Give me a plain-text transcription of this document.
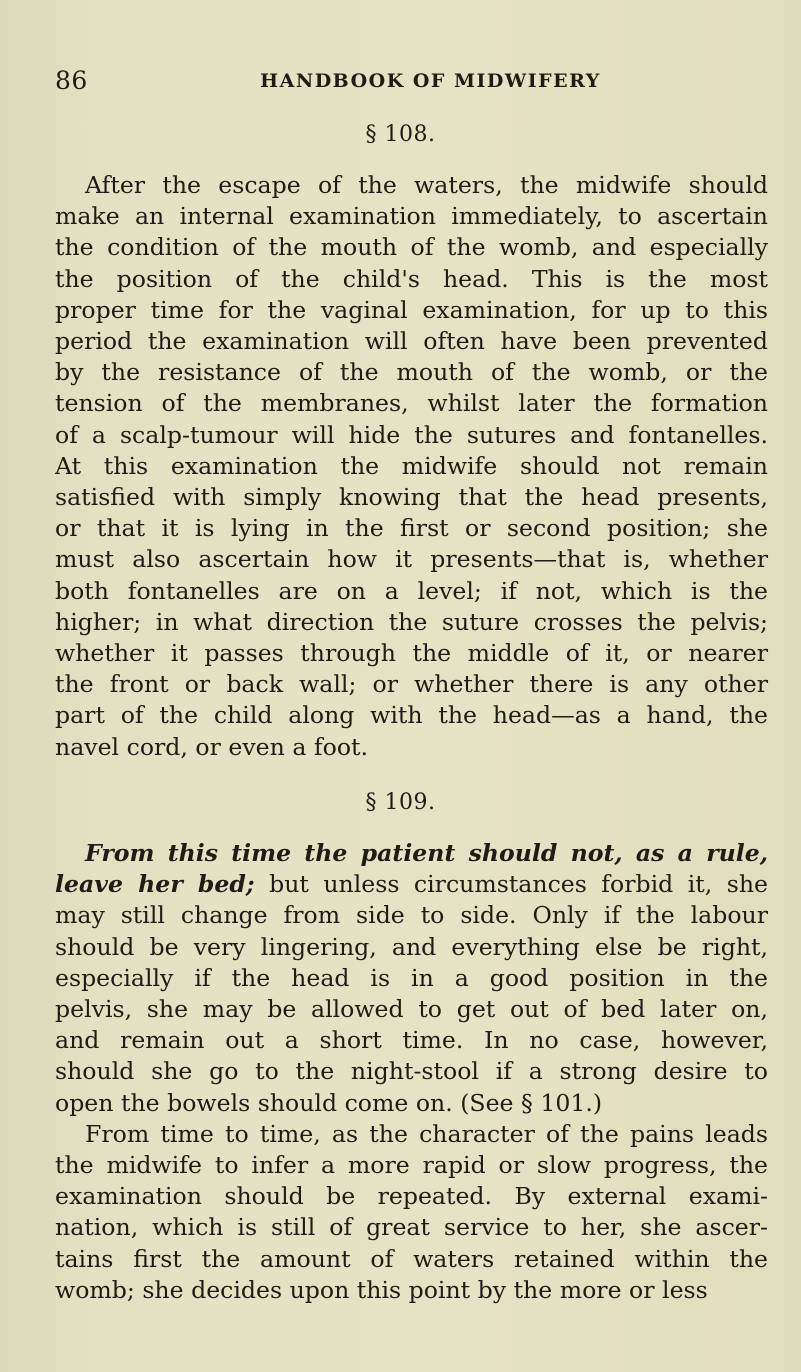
86	HANDBOOK OF MIDWIFERY
§ 108.
After the escape of the waters, the midwife should
make an internal examination immediately, to ascertain
the condition of the mouth of the womb, and especially
the position of the child's head. This is the most
proper time for the vaginal examination, for up to this
period the examination will often have been prevented
by the resistance of the mouth of the womb, or the
tension of the membranes, whilst later the formation
of a scalp-tumour will hide the sutures and fontanelles.
At this examination the midwife should not remain
satisfied with simply knowing that the head presents,
or that it is lying in the first or second position; she
must also ascertain how it presents—that is, whether
both fontanelles are on a level; if not, which is the
higher; in what direction the suture crosses the pelvis;
whether it passes through the middle of it, or nearer
the front or back wall; or whether there is any other
part of the child along with the head—as a hand, the
navel cord, or even a foot.
§ 109.
From this time the patient should not, as a rule,
leave her bed; but unless circumstances forbid it, she
may still change from side to side. Only if the labour
should be very lingering, and everything else be right,
especially if the head is in a good position in the
pelvis, she may be allowed to get out of bed later on,
and remain out a short time. In no case, however,
should she go to the night-stool if a strong desire to
open the bowels should come on. (See § 101.)
From time to time, as the character of the pains leads
the midwife to infer a more rapid or slow progress, the
examination should be repeated. By external exami-
nation, which is still of great service to her, she ascer-
tains first the amount of waters retained within the
womb; she decides upon this point by the more or less
